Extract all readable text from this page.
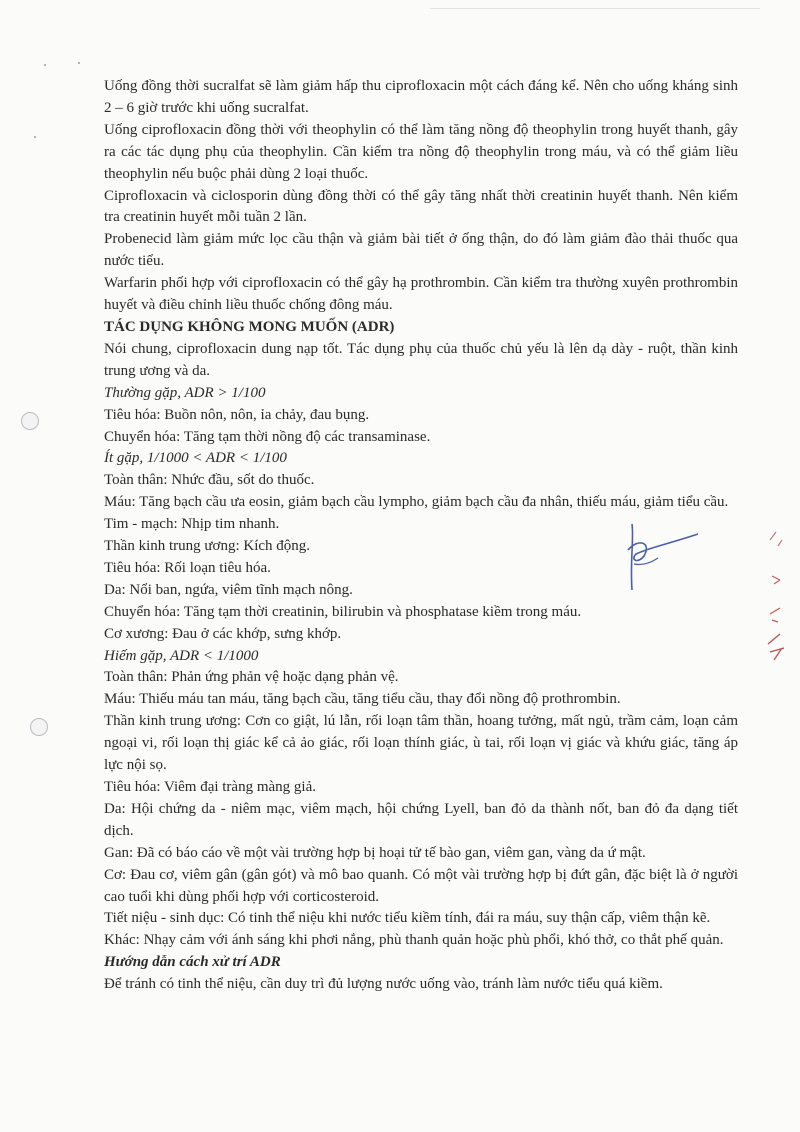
Uống đồng thời sucralfat sẽ làm giảm hấp thu ciprofloxacin một cách đáng kể. Nên cho uống kháng sinh 2 – 6 giờ trước khi uống sucralfat.

Uống ciprofloxacin đồng thời với theophylin có thể làm tăng nồng độ theophylin trong huyết thanh, gây ra các tác dụng phụ của theophylin. Cần kiểm tra nồng độ theophylin trong máu, và có thể giảm liều theophylin nếu buộc phải dùng 2 loại thuốc.

Ciprofloxacin và ciclosporin dùng đồng thời có thể gây tăng nhất thời creatinin huyết thanh. Nên kiểm tra creatinin huyết mỗi tuần 2 lần.

Probenecid làm giảm mức lọc cầu thận và giảm bài tiết ở ống thận, do đó làm giảm đào thải thuốc qua nước tiểu.

Warfarin phối hợp với ciprofloxacin có thể gây hạ prothrombin. Cần kiểm tra thường xuyên prothrombin huyết và điều chỉnh liều thuốc chống đông máu.

TÁC DỤNG KHÔNG MONG MUỐN (ADR)

Nói chung, ciprofloxacin dung nạp tốt. Tác dụng phụ của thuốc chủ yếu là lên dạ dày - ruột, thần kinh trung ương và da.

Thường gặp, ADR > 1/100

Tiêu hóa: Buồn nôn, nôn, ỉa chảy, đau bụng.

Chuyển hóa: Tăng tạm thời nồng độ các transaminase.

Ít gặp, 1/1000 < ADR < 1/100

Toàn thân: Nhức đầu, sốt do thuốc.

Máu: Tăng bạch cầu ưa eosin, giảm bạch cầu lympho, giảm bạch cầu đa nhân, thiếu máu, giảm tiểu cầu.

Tim - mạch: Nhịp tim nhanh.

Thần kinh trung ương: Kích động.

Tiêu hóa: Rối loạn tiêu hóa.

Da: Nổi ban, ngứa, viêm tĩnh mạch nông.

Chuyển hóa: Tăng tạm thời creatinin, bilirubin và phosphatase kiềm trong máu.

Cơ xương: Đau ở các khớp, sưng khớp.

Hiếm gặp, ADR < 1/1000

Toàn thân: Phản ứng phản vệ hoặc dạng phản vệ.

Máu: Thiếu máu tan máu, tăng bạch cầu, tăng tiểu cầu, thay đổi nồng độ prothrombin.

Thần kinh trung ương: Cơn co giật, lú lẫn, rối loạn tâm thần, hoang tưởng, mất ngủ, trầm cảm, loạn cảm ngoại vi, rối loạn thị giác kể cả ảo giác, rối loạn thính giác, ù tai, rối loạn vị giác và khứu giác, tăng áp lực nội sọ.

Tiêu hóa: Viêm đại tràng màng giả.

Da: Hội chứng da - niêm mạc, viêm mạch, hội chứng Lyell, ban đỏ da thành nốt, ban đỏ đa dạng tiết dịch.

Gan: Đã có báo cáo về một vài trường hợp bị hoại tử tế bào gan, viêm gan, vàng da ứ mật.

Cơ: Đau cơ, viêm gân (gân gót) và mô bao quanh. Có một vài trường hợp bị đứt gân, đặc biệt là ở người cao tuổi khi dùng phối hợp với corticosteroid.

Tiết niệu - sinh dục: Có tinh thể niệu khi nước tiểu kiềm tính, đái ra máu, suy thận cấp, viêm thận kẽ.

Khác: Nhạy cảm với ánh sáng khi phơi nắng, phù thanh quản hoặc phù phổi, khó thở, co thắt phế quản.

Hướng dẫn cách xử trí ADR

Để tránh có tinh thể niệu, cần duy trì đủ lượng nước uống vào, tránh làm nước tiểu quá kiềm.
